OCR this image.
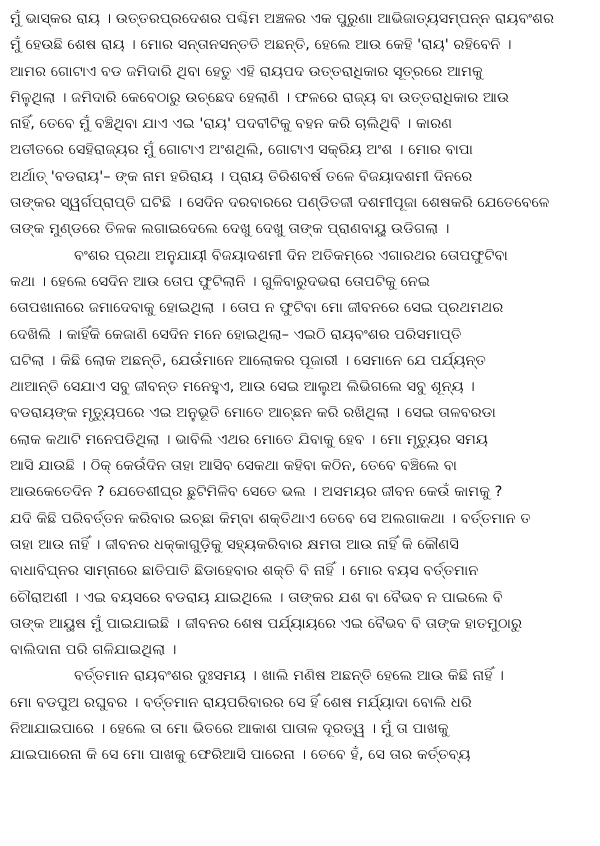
ମୁଁ ଭାସ୍କର ରାୟ । ଉତ୍ତରପ୍ରଦେଶର ପଶ୍ଚିମ ଅଞ୍ଚଳର ଏକ ପୁରୁଣା ଆଭିଜାତ୍ୟସମ୍ପନ୍ନ ରାୟବଂଶର
ମୁଁ ହେଉଛି ଶେଷ ରାୟ । ମୋର ସନ୍ତାନସନ୍ତତି ଅଛନ୍ତି, ହେଲେ ଆଉ କେହି 'ରାୟ' ରହିବେନି ।
ଆମର ଗୋଟାଏ ବଡ ଜମିଦାରି ଥିବା ହେତୁ ଏହି ରାୟପଦ ଉତ୍ତରାଧିକାର ସୂତ୍ରରେ ଆମକୁ
ମିଳୁଥିଲା । ଜମିଦାରି କେବେଠାରୁ ଉଚ୍ଛେଦ ହେଲାଣି । ଫଳରେ ରାଜ୍ୟ ବା ଉତ୍ତରାଧିକାର ଆଉ
ନାହିଁ, ତେବେ ମୁଁ ବଞ୍ଚିଥିବା ଯାଏ ଏଇ 'ରାୟ' ପଦବୀଟିକୁ ବହନ କରି ଚାଲିଥିବି । କାରଣ
ଅତୀତରେ ସେହିରାଜ୍ୟର ମୁଁ ଗୋଟାଏ ଅଂଶଥିଲି, ଗୋଟାଏ ସକ୍ରିୟ ଅଂଶ । ମୋର ବାପା
ଅର୍ଥାତ୍ 'ବଡରାୟ'– ଙ୍କ ନାମ ହରିରାୟ । ପ୍ରାୟ ତିରିଶବର୍ଷ ତଳେ ବିଜୟାଦଶମୀ ଦିନରେ
ତାଙ୍କର ସ୍ୱର୍ଗପ୍ରାପ୍ତି ଘଟିଛି । ସେଦିନ ଦରବାରରେ ପଣ୍ଡିତଜୀ ଦଶମୀପୂଜା ଶେଷକରି ଯେତେବେଳେ
ତାଙ୍କ ମୁଣ୍ଡରେ ତିଳକ ଲଗାଇଦେଲେ ଦେଖୁ ଦେଖୁ ତାଙ୍କ ପ୍ରାଣବାୟୁ ଉଡିଗଲା ।
ବଂଶର ପ୍ରଥା ଅନୁଯାୟୀ ବିଜୟାଦଶମୀ ଦିନ ଅତିକମ୍‌ରେ ଏଗାରଥର ତୋପଫୁଟିବା
କଥା । ହେଲେ ସେଦିନ ଆଉ ତୋପ ଫୁଟିଲାନି । ଗୁଳିବାରୁଦଭରା ତୋପଟିକୁ ନେଇ
ତୋପଖାନାରେ ଜମାଦେବାକୁ ହୋଇଥିଲା । ତୋପ ନ ଫୁଟିବା ମୋ ଜୀବନରେ ସେଇ ପ୍ରଥମଥର
ଦେଖିଲି । କାହିଁକି କେଜାଣି ସେଦିନ ମନେ ହୋଇଥିଲା– ଏଇଠି ରାୟବଂଶର ପରିସମାପ୍ତି
ଘଟିଲା । କିଛି ଲୋକ ଅଛନ୍ତି, ଯେଉଁମାନେ ଆଲୋକର ପୂଜାରୀ । ସେମାନେ ଯେ ପର୍ଯ୍ୟନ୍ତ
ଥାଆନ୍ତି ସେଯାଏ ସବୁ ଜୀବନ୍ତ ମନେହୁଏ, ଆଉ ସେଇ ଆଲୁଅ ଲିଭିଗଲେ ସବୁ ଶୂନ୍ୟ ।
ବଡରାୟଙ୍କ ମୃତ୍ୟୁପରେ ଏଇ ଅନୁଭୂତି ମୋତେ ଆଚ୍ଛନ କରି ରଖିଥିଲା । ସେଇ ତାଳବରଡା
ଲୋକ କଥାଟି ମନେପଡିଥିଲା । ଭାବିଲି ଏଥର ମୋତେ ଯିବାକୁ ହେବ । ମୋ ମୃତ୍ୟୁର ସମୟ
ଆସି ଯାଉଛି । ଠିକ୍ କେଉଁଦିନ ତାହା ଆସିବ ସେକଥା କହିବା କଠିନ, ତେବେ ବଞ୍ଚିଲେ ବା
ଆଉକେତେଦିନ ? ଯେତେଶୀଘ୍ର ଛୁଟିମିଳିବ ସେତେ ଭଲ । ଅସମୟର ଜୀବନ କେଉଁ କାମକୁ ?
ଯଦି କିଛି ପରିବର୍ତ୍ତନ କରିବାର ଇଚ୍ଛା କିମ୍ବା ଶକ୍ତିଥାଏ ତେବେ ସେ ଅଲଗାକଥା । ବର୍ତ୍ତମାନ ତ
ତାହା ଆଉ ନାହିଁ । ଜୀବନର ଧକ୍କାଗୁଡ଼ିକୁ ସହ୍ୟକରିବାର କ୍ଷମତା ଆଉ ନାହିଁ କି କୌଣସି
ବାଧାବିଘ୍ନର ସାମ୍ନାରେ ଛାତିପାତି ଛିଡାହେବାର ଶକ୍ତି ବି ନାହିଁ । ମୋର ବୟସ ବର୍ତ୍ତମାନ
ଚୌରାଅଶୀ । ଏଇ ବୟସରେ ବଡରାୟ ଯାଇଥିଲେ । ତାଙ୍କର ଯଶ ବା ବୈଭବ ନ ପାଇଲେ ବି
ତାଙ୍କ ଆୟୁଷ ମୁଁ ପାଇଯାଇଛି । ଜୀବନର ଶେଷ ପର୍ଯ୍ୟାୟରେ ଏଇ ବୈଭବ ବି ତାଙ୍କ ହାତମୁଠାରୁ
ବାଲିଦାନା ପରି ଗଳିଯାଇଥିଲା ।
ବର୍ତ୍ତମାନ ରାୟବଂଶର ଦୁଃସମୟ । ଖାଲି ମଣିଷ ଅଛନ୍ତି ହେଲେ ଆଉ କିଛି ନାହିଁ ।
ମୋ ବଡପୁଅ ରଘୁବର । ବର୍ତ୍ତମାନ ରାୟପରିବାରର ସେ ହିଁ ଶେଷ ମର୍ଯ୍ୟାଦା ବୋଲି ଧରି
ନିଆଯାଇପାରେ । ହେଲେ ତା ମୋ ଭିତରେ ଆକାଶ ପାତାଳ ଦୂରତ୍ୱ । ମୁଁ ତା ପାଖକୁ
ଯାଇପାରେନା କି ସେ ମୋ ପାଖକୁ ଫେରିଆସି ପାରେନା । ତେବେ ହଁ, ସେ ତାର କର୍ତ୍ତବ୍ୟ
